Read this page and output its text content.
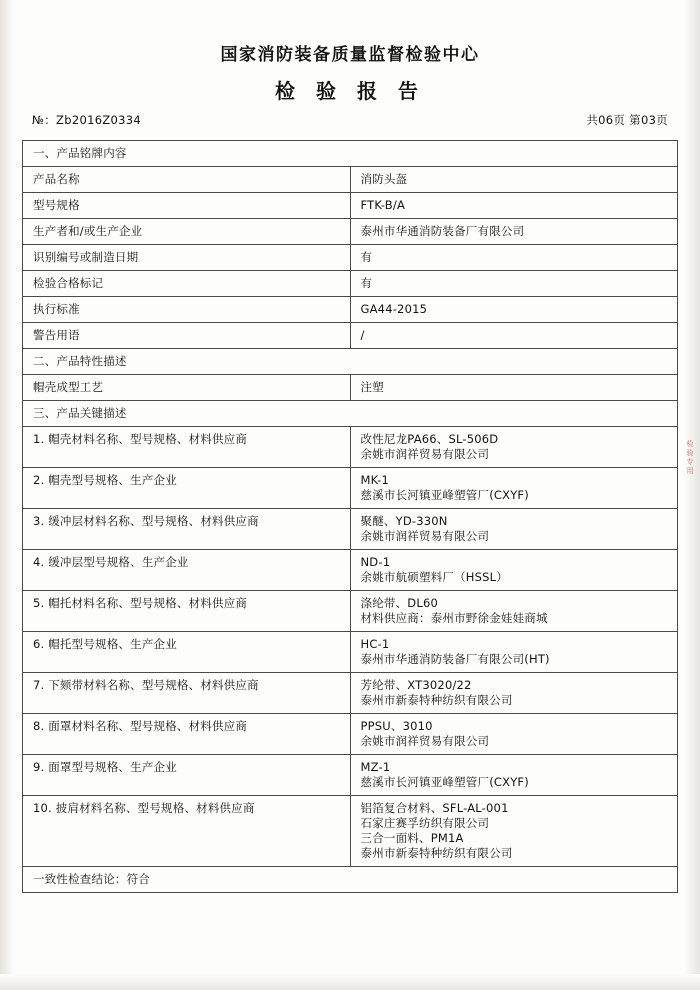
检验专用
国家消防装备质量监督检验中心
检 验 报 告
№：Zb2016Z0334	共06页 第03页
一、产品铭牌内容	
产品名称	消防头盔
型号规格	FTK-B/A
生产者和/或生产企业	泰州市华通消防装备厂有限公司
识别编号或制造日期	有
检验合格标记	有
执行标准	GA44-2015
警告用语	/
二、产品特性描述	
帽壳成型工艺	注塑
三、产品关键描述	
1. 帽壳材料名称、型号规格、材料供应商	改性尼龙PA66、SL-506D
余姚市润祥贸易有限公司

2. 帽壳型号规格、生产企业	MK-1
慈溪市长河镇亚峰塑管厂(CXYF)

3. 缓冲层材料名称、型号规格、材料供应商	聚醚、YD-330N
余姚市润祥贸易有限公司

4. 缓冲层型号规格、生产企业	ND-1
余姚市航硕塑料厂（HSSL）

5. 帽托材料名称、型号规格、材料供应商	涤纶带、DL60
材料供应商：泰州市野徐金娃娃商城

6. 帽托型号规格、生产企业	HC-1
泰州市华通消防装备厂有限公司(HT)

7. 下颏带材料名称、型号规格、材料供应商	芳纶带、XT3020/22
泰州市新泰特种纺织有限公司

8. 面罩材料名称、型号规格、材料供应商	PPSU、3010
余姚市润祥贸易有限公司

9. 面罩型号规格、生产企业	MZ-1
慈溪市长河镇亚峰塑管厂(CXYF)

10. 披肩材料名称、型号规格、材料供应商	铝箔复合材料、SFL-AL-001
石家庄赛孚纺织有限公司
三合一面料、PM1A
泰州市新泰特种纺织有限公司

一致性检查结论：符合	
